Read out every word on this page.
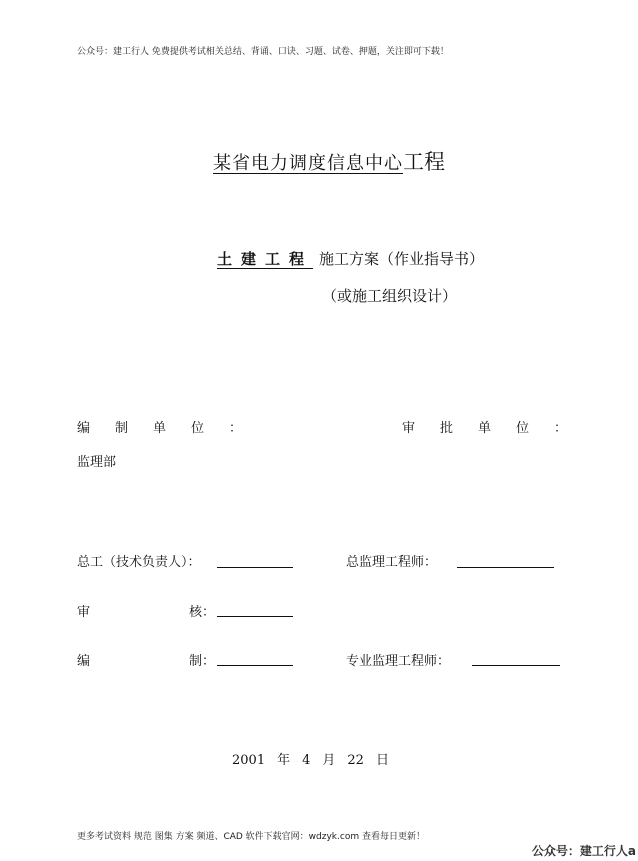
公众号：建工行人 免费提供考试相关总结、背诵、口诀、习题、试卷、押题，关注即可下载！
某省电力调度信息中心工程
土建工程 施工方案（作业指导书）
（或施工组织设计）
编制单位：	审批单位：
监理部
总工（技术负责人）：	总监理工程师：
审	核：
编	制：	专业监理工程师：
2001 年 4 月 22 日
更多考试资料 规范 图集 方案 频道、CAD 软件下载官网：wdzyk.com 查看每日更新！
公众号：建工行人a
